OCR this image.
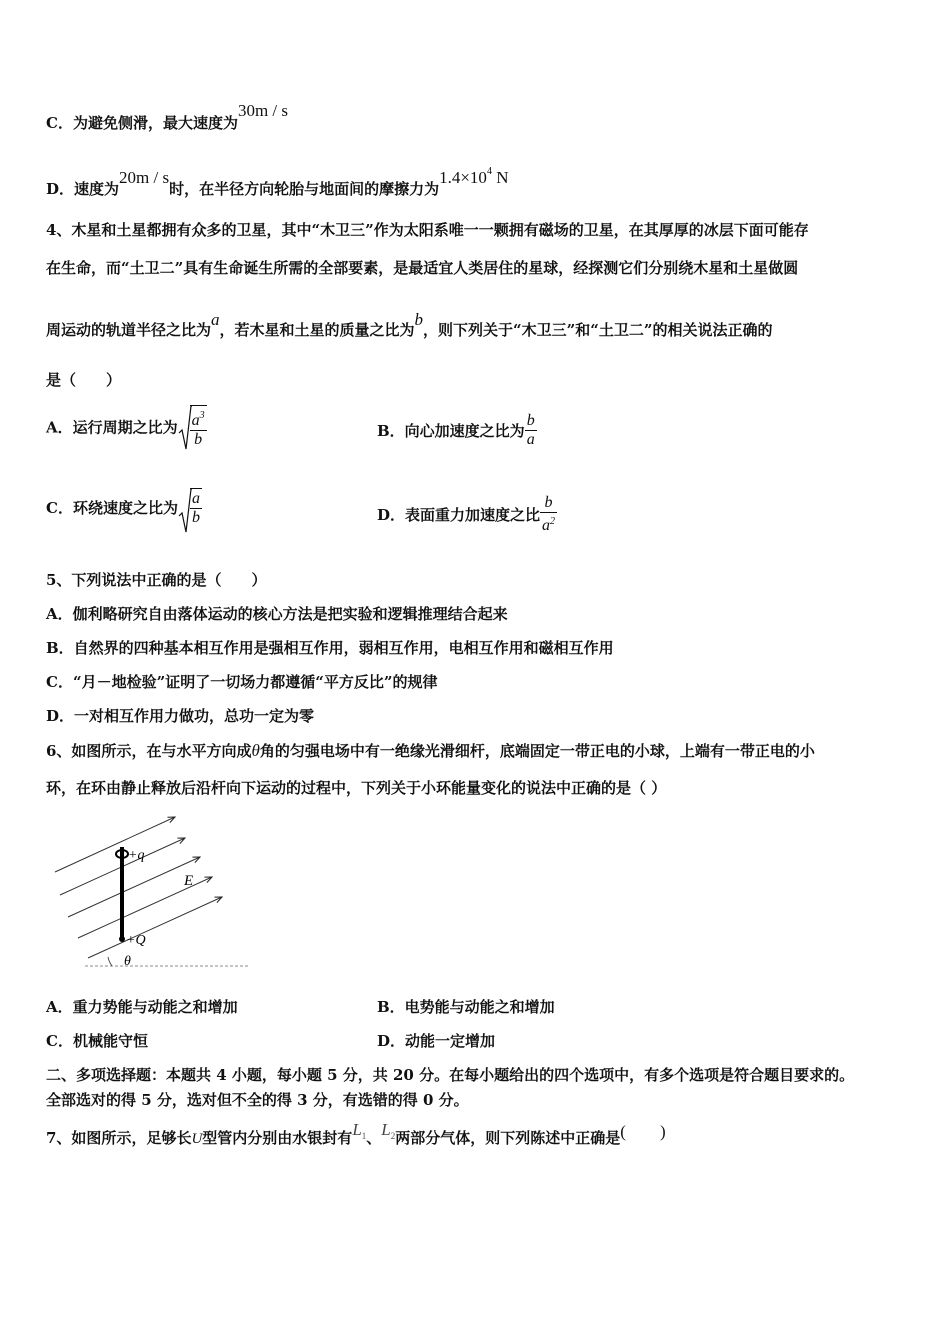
C．为避免侧滑，最大速度为30m / s
D．速度为20m / s时，在半径方向轮胎与地面间的摩擦力为$1.4\times 10^4$ N
4、木星和土星都拥有众多的卫星，其中“木卫三”作为太阳系唯一一颗拥有磁场的卫星，在其厚厚的冰层下面可能存
在生命，而“土卫二”具有生命诞生所需的全部要素，是最适宜人类居住的星球，经探测它们分别绕木星和土星做圆
周运动的轨道半径之比为a，若木星和土星的质量之比为b，则下列关于“木卫三”和“土卫二”的相关说法正确的
是（　　）
A．运行周期之比为 $\frac{a^3}{b}$	B．向心加速度之比为 $\frac{b}{a}$
C．环绕速度之比为 $\frac{a}{b}$	D．表面重力加速度之比 $\frac{b}{a^2}$
5、下列说法中正确的是（　　）
A．伽利略研究自由落体运动的核心方法是把实验和逻辑推理结合起来
B．自然界的四种基本相互作用是强相互作用，弱相互作用，电相互作用和磁相互作用
C．“月－地检验”证明了一切场力都遵循“平方反比”的规律
D．一对相互作用力做功，总功一定为零
6、如图所示，在与水平方向成θ角的匀强电场中有一绝缘光滑细杆，底端固定一带正电的小球，上端有一带正电的小
环，在环由静止释放后沿杆向下运动的过程中，下列关于小环能量变化的说法中正确的是（ ）
+q
+Q
E
θ
A．重力势能与动能之和增加	B．电势能与动能之和增加
C．机械能守恒	D．动能一定增加
二、多项选择题：本题共 4 小题，每小题 5 分，共 20 分。在每小题给出的四个选项中，有多个选项是符合题目要求的。
全部选对的得 5 分，选对但不全的得 3 分，有选错的得 0 分。
7、如图所示，足够长U型管内分别由水银封有$L_1$、$L_2$两部分气体，则下列陈述中正确是(　　)
